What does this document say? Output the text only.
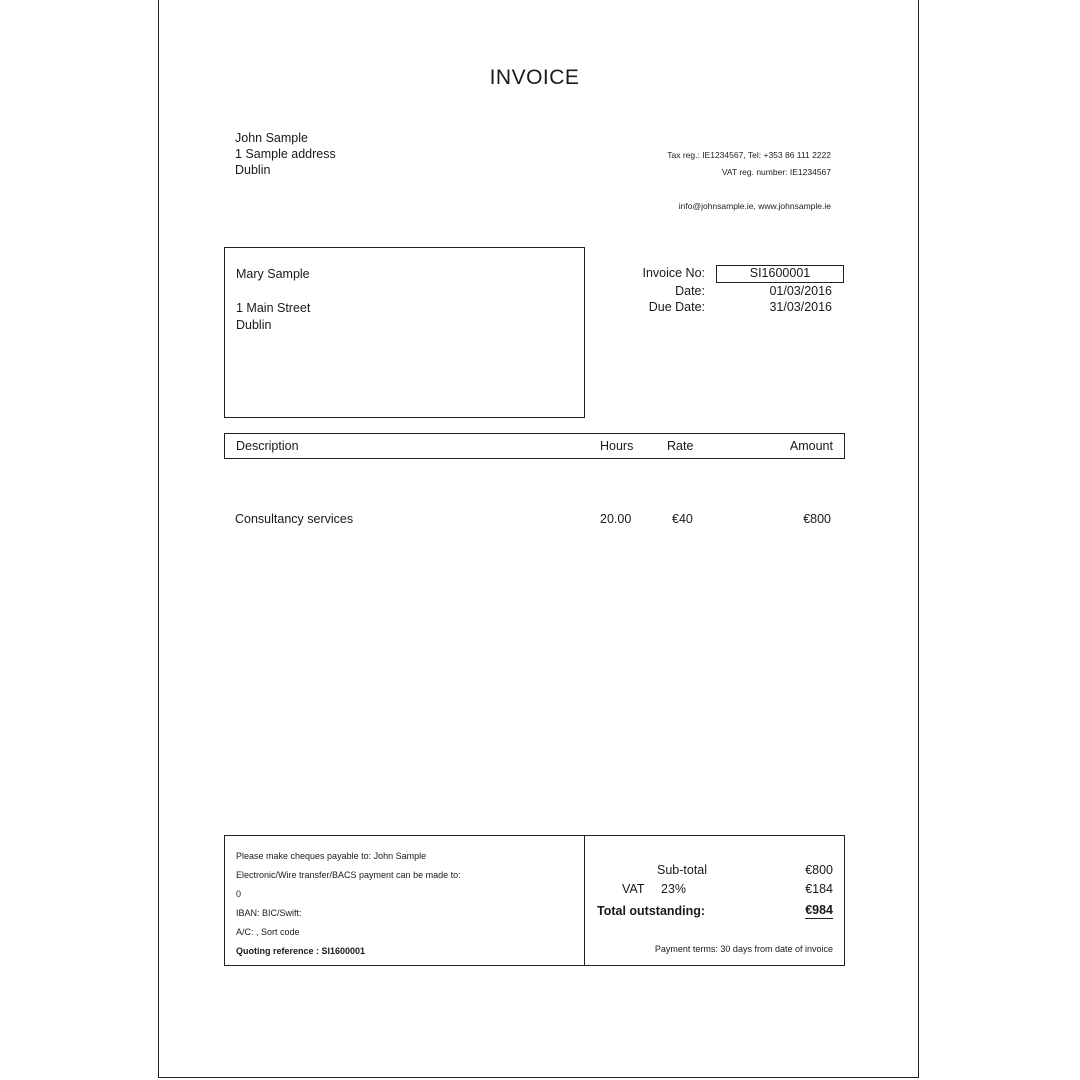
INVOICE
John Sample
1 Sample address
Dublin
Tax reg.: IE1234567, Tel: +353 86 111 2222
VAT reg. number: IE1234567
info@johnsample.ie, www.johnsample.ie
Mary Sample
1 Main Street
Dublin
Invoice No:	SI1600001
Date:	01/03/2016
Due Date:	31/03/2016
Description	Hours	Rate	Amount
Consultancy services	20.00	€40	€800
Please make cheques payable to: John Sample
Electronic/Wire transfer/BACS payment can be made to:
0
IBAN: BIC/Swift:
A/C: , Sort code
Quoting reference : SI1600001
Sub-total	€800
VAT 23%	€184
Total outstanding:	€984
Payment terms: 30 days from date of invoice
